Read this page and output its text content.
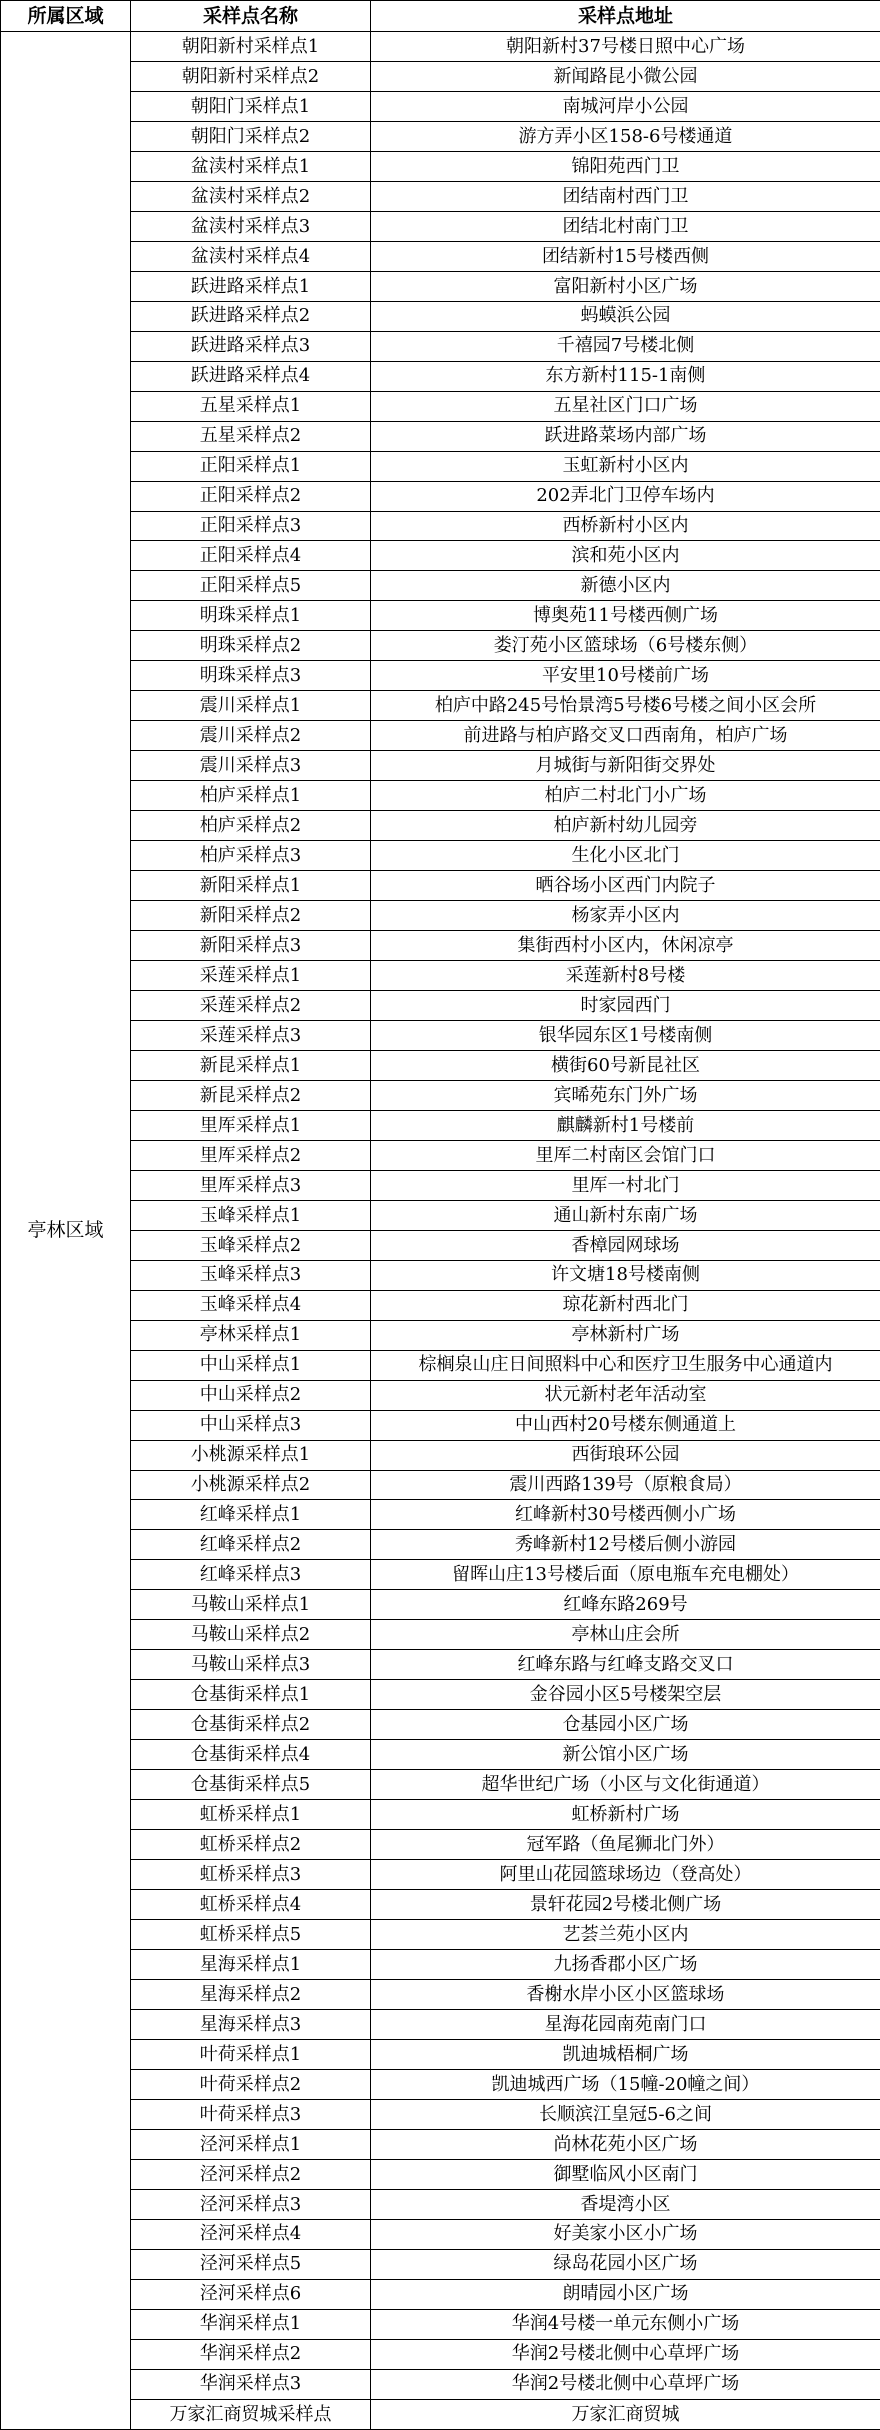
所属区域	采样点名称	采样点地址
亭林区域	朝阳新村采样点1	朝阳新村37号楼日照中心广场
	朝阳新村采样点2	新闻路昆小微公园
	朝阳门采样点1	南城河岸小公园
	朝阳门采样点2	游方弄小区158-6号楼通道
	盆渎村采样点1	锦阳苑西门卫
	盆渎村采样点2	团结南村西门卫
	盆渎村采样点3	团结北村南门卫
	盆渎村采样点4	团结新村15号楼西侧
	跃进路采样点1	富阳新村小区广场
	跃进路采样点2	蚂蟆浜公园
	跃进路采样点3	千禧园7号楼北侧
	跃进路采样点4	东方新村115-1南侧
	五星采样点1	五星社区门口广场
	五星采样点2	跃进路菜场内部广场
	正阳采样点1	玉虹新村小区内
	正阳采样点2	202弄北门卫停车场内
	正阳采样点3	西桥新村小区内
	正阳采样点4	滨和苑小区内
	正阳采样点5	新德小区内
	明珠采样点1	博奥苑11号楼西侧广场
	明珠采样点2	娄汀苑小区篮球场（6号楼东侧）
	明珠采样点3	平安里10号楼前广场
	震川采样点1	柏庐中路245号怡景湾5号楼6号楼之间小区会所
	震川采样点2	前进路与柏庐路交叉口西南角，柏庐广场
	震川采样点3	月城街与新阳街交界处
	柏庐采样点1	柏庐二村北门小广场
	柏庐采样点2	柏庐新村幼儿园旁
	柏庐采样点3	生化小区北门
	新阳采样点1	晒谷场小区西门内院子
	新阳采样点2	杨家弄小区内
	新阳采样点3	集街西村小区内，休闲凉亭
	采莲采样点1	采莲新村8号楼
	采莲采样点2	时家园西门
	采莲采样点3	银华园东区1号楼南侧
	新昆采样点1	横街60号新昆社区
	新昆采样点2	宾晞苑东门外广场
	里厍采样点1	麒麟新村1号楼前
	里厍采样点2	里厍二村南区会馆门口
	里厍采样点3	里厍一村北门
	玉峰采样点1	通山新村东南广场
	玉峰采样点2	香樟园网球场
	玉峰采样点3	许文塘18号楼南侧
	玉峰采样点4	琼花新村西北门
	亭林采样点1	亭林新村广场
	中山采样点1	棕榈泉山庄日间照料中心和医疗卫生服务中心通道内
	中山采样点2	状元新村老年活动室
	中山采样点3	中山西村20号楼东侧通道上
	小桃源采样点1	西街琅环公园
	小桃源采样点2	震川西路139号（原粮食局）
	红峰采样点1	红峰新村30号楼西侧小广场
	红峰采样点2	秀峰新村12号楼后侧小游园
	红峰采样点3	留晖山庄13号楼后面（原电瓶车充电棚处）
	马鞍山采样点1	红峰东路269号
	马鞍山采样点2	亭林山庄会所
	马鞍山采样点3	红峰东路与红峰支路交叉口
	仓基街采样点1	金谷园小区5号楼架空层
	仓基街采样点2	仓基园小区广场
	仓基街采样点4	新公馆小区广场
	仓基街采样点5	超华世纪广场（小区与文化街通道）
	虹桥采样点1	虹桥新村广场
	虹桥采样点2	冠军路（鱼尾狮北门外）
	虹桥采样点3	阿里山花园篮球场边（登高处）
	虹桥采样点4	景轩花园2号楼北侧广场
	虹桥采样点5	艺荟兰苑小区内
	星海采样点1	九扬香郡小区广场
	星海采样点2	香榭水岸小区小区篮球场
	星海采样点3	星海花园南苑南门口
	叶荷采样点1	凯迪城梧桐广场
	叶荷采样点2	凯迪城西广场（15幢-20幢之间）
	叶荷采样点3	长顺滨江皇冠5-6之间
	泾河采样点1	尚林花苑小区广场
	泾河采样点2	御墅临风小区南门
	泾河采样点3	香堤湾小区
	泾河采样点4	好美家小区小广场
	泾河采样点5	绿岛花园小区广场
	泾河采样点6	朗晴园小区广场
	华润采样点1	华润4号楼一单元东侧小广场
	华润采样点2	华润2号楼北侧中心草坪广场
	华润采样点3	华润2号楼北侧中心草坪广场
	万家汇商贸城采样点	万家汇商贸城
